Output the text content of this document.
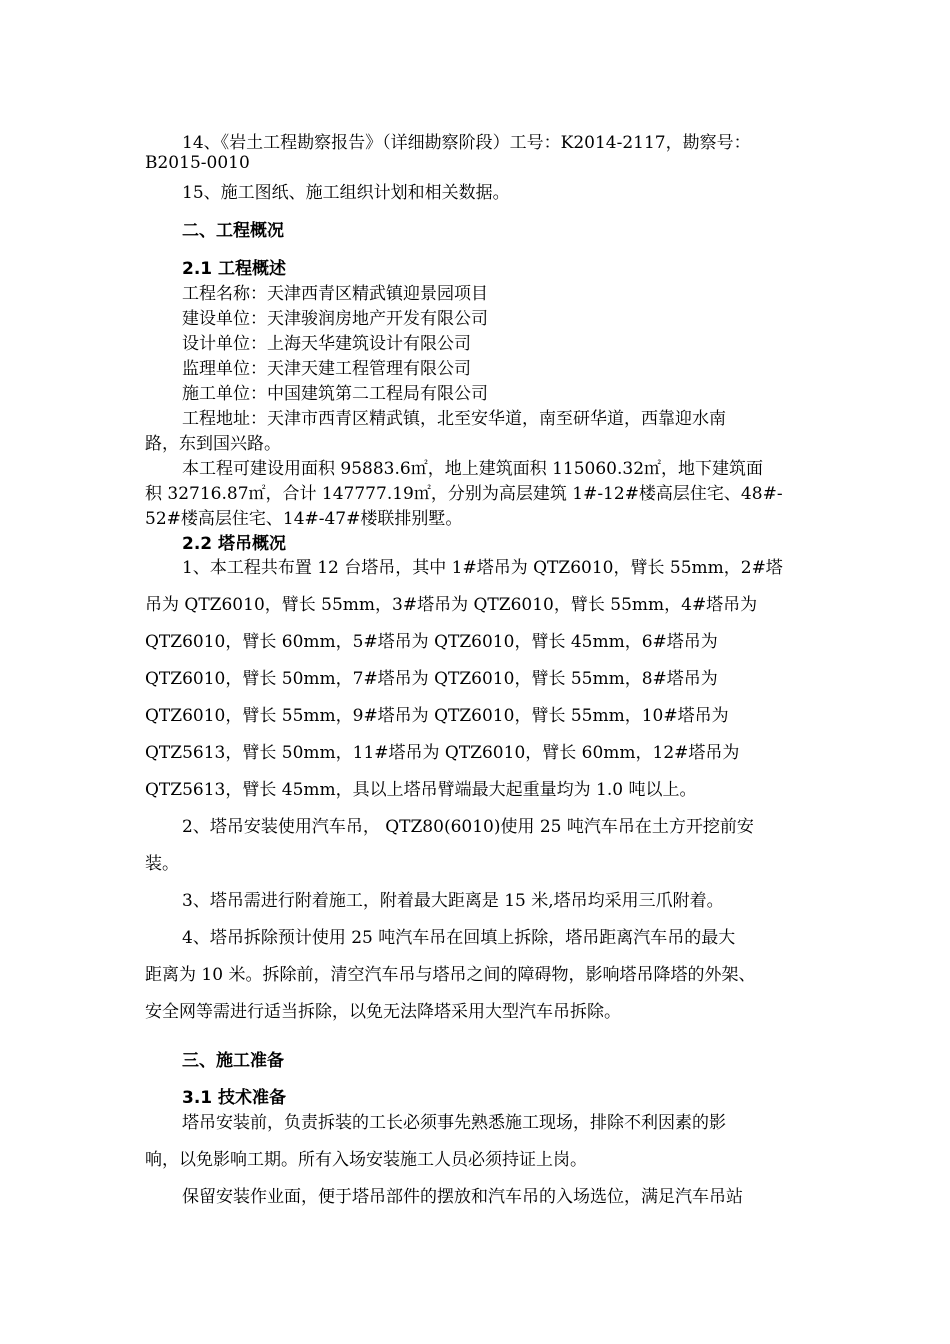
14、《岩土工程勘察报告》（详细勘察阶段）工号：K2014-2117，勘察号：
B2015-0010
15、施工图纸、施工组织计划和相关数据。
二、工程概况
2.1 工程概述
工程名称：天津西青区精武镇迎景园项目
建设单位：天津骏润房地产开发有限公司
设计单位：上海天华建筑设计有限公司
监理单位：天津天建工程管理有限公司
施工单位：中国建筑第二工程局有限公司
工程地址：天津市西青区精武镇，北至安华道，南至研华道，西靠迎水南
路，东到国兴路。
本工程可建设用面积 95883.6㎡，地上建筑面积 115060.32㎡，地下建筑面
积 32716.87㎡，合计 147777.19㎡，分别为高层建筑 1#-12#楼高层住宅、48#-
52#楼高层住宅、14#-47#楼联排别墅。
2.2 塔吊概况
1、本工程共布置 12 台塔吊，其中 1#塔吊为 QTZ6010，臂长 55mm，2#塔
吊为 QTZ6010，臂长 55mm，3#塔吊为 QTZ6010，臂长 55mm，4#塔吊为
QTZ6010，臂长 60mm，5#塔吊为 QTZ6010，臂长 45mm，6#塔吊为
QTZ6010，臂长 50mm，7#塔吊为 QTZ6010，臂长 55mm，8#塔吊为
QTZ6010，臂长 55mm，9#塔吊为 QTZ6010，臂长 55mm，10#塔吊为
QTZ5613，臂长 50mm，11#塔吊为 QTZ6010，臂长 60mm，12#塔吊为
QTZ5613，臂长 45mm，具以上塔吊臂端最大起重量均为 1.0 吨以上。
2、塔吊安装使用汽车吊， QTZ80(6010)使用 25 吨汽车吊在土方开挖前安
装。
3、塔吊需进行附着施工，附着最大距离是 15 米,塔吊均采用三爪附着。
4、塔吊拆除预计使用 25 吨汽车吊在回填上拆除，塔吊距离汽车吊的最大
距离为 10 米。拆除前，清空汽车吊与塔吊之间的障碍物，影响塔吊降塔的外架、
安全网等需进行适当拆除，以免无法降塔采用大型汽车吊拆除。
三、施工准备
3.1 技术准备
塔吊安装前，负责拆装的工长必须事先熟悉施工现场，排除不利因素的影
响，以免影响工期。所有入场安装施工人员必须持证上岗。
保留安装作业面，便于塔吊部件的摆放和汽车吊的入场选位，满足汽车吊站
